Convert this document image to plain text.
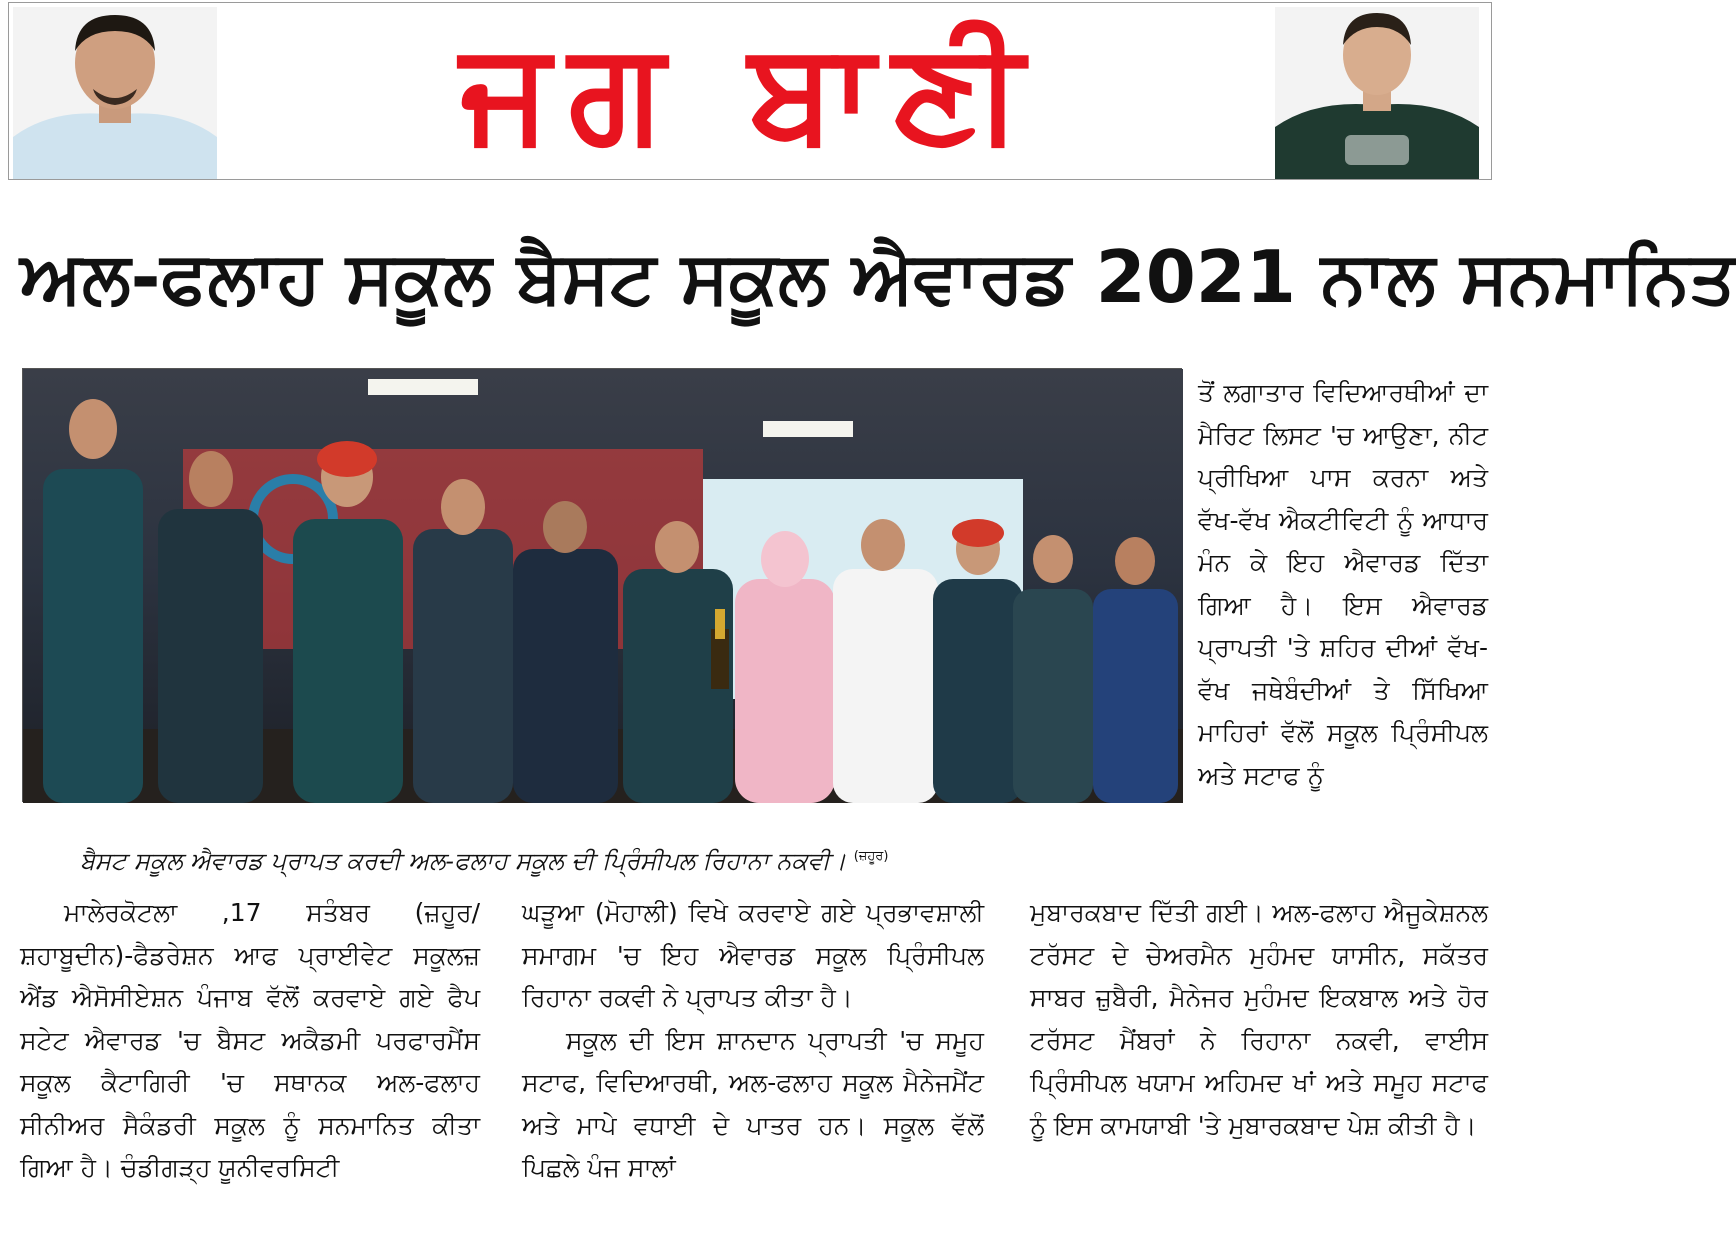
ਜਗ ਬਾਣੀ
ਅਲ-ਫਲਾਹ ਸਕੂਲ ਬੈਸਟ ਸਕੂਲ ਐਵਾਰਡ 2021 ਨਾਲ ਸਨਮਾਨਿਤ
ਬੈਸਟ ਸਕੂਲ ਐਵਾਰਡ ਪ੍ਰਾਪਤ ਕਰਦੀ ਅਲ-ਫਲਾਹ ਸਕੂਲ ਦੀ ਪ੍ਰਿੰਸੀਪਲ ਰਿਹਾਨਾ ਨਕਵੀ। $^{(ਜ਼ਹੂਰ)}$

ਤੋਂ ਲਗਾਤਾਰ ਵਿਦਿਆਰਥੀਆਂ ਦਾ ਮੈਰਿਟ ਲਿਸਟ 'ਚ ਆਉਣਾ, ਨੀਟ ਪ੍ਰੀਖਿਆ ਪਾਸ ਕਰਨਾ ਅਤੇ ਵੱਖ-ਵੱਖ ਐਕਟੀਵਿਟੀ ਨੂੰ ਆਧਾਰ ਮੰਨ ਕੇ ਇਹ ਐਵਾਰਡ ਦਿੱਤਾ ਗਿਆ ਹੈ। ਇਸ ਐਵਾਰਡ ਪ੍ਰਾਪਤੀ 'ਤੇ ਸ਼ਹਿਰ ਦੀਆਂ ਵੱਖ-ਵੱਖ ਜਥੇਬੰਦੀਆਂ ਤੇ ਸਿੱਖਿਆ ਮਾਹਿਰਾਂ ਵੱਲੋਂ ਸਕੂਲ ਪ੍ਰਿੰਸੀਪਲ ਅਤੇ ਸਟਾਫ ਨੂੰ

ਮਾਲੇਰਕੋਟਲਾ ,17 ਸਤੰਬਰ (ਜ਼ਹੂਰ/ਸ਼ਹਾਬੂਦੀਨ)-ਫੈਡਰੇਸ਼ਨ ਆਫ ਪ੍ਰਾਈਵੇਟ ਸਕੂਲਜ਼ ਐਂਡ ਐਸੋਸੀਏਸ਼ਨ ਪੰਜਾਬ ਵੱਲੋਂ ਕਰਵਾਏ ਗਏ ਫੈਪ ਸਟੇਟ ਐਵਾਰਡ 'ਚ ਬੈਸਟ ਅਕੈਡਮੀ ਪਰਫਾਰਮੈਂਸ ਸਕੂਲ ਕੈਟਾਗਿਰੀ 'ਚ ਸਥਾਨਕ ਅਲ-ਫਲਾਹ ਸੀਨੀਅਰ ਸੈਕੰਡਰੀ ਸਕੂਲ ਨੂੰ ਸਨਮਾਨਿਤ ਕੀਤਾ ਗਿਆ ਹੈ। ਚੰਡੀਗੜ੍ਹ ਯੂਨੀਵਰਸਿਟੀ

ਘੜੂਆ (ਮੋਹਾਲੀ) ਵਿਖੇ ਕਰਵਾਏ ਗਏ ਪ੍ਰਭਾਵਸ਼ਾਲੀ ਸਮਾਗਮ 'ਚ ਇਹ ਐਵਾਰਡ ਸਕੂਲ ਪ੍ਰਿੰਸੀਪਲ ਰਿਹਾਨਾ ਰਕਵੀ ਨੇ ਪ੍ਰਾਪਤ ਕੀਤਾ ਹੈ।

ਸਕੂਲ ਦੀ ਇਸ ਸ਼ਾਨਦਾਨ ਪ੍ਰਾਪਤੀ 'ਚ ਸਮੂਹ ਸਟਾਫ, ਵਿਦਿਆਰਥੀ, ਅਲ-ਫਲਾਹ ਸਕੂਲ ਮੈਨੇਜਮੈਂਟ ਅਤੇ ਮਾਪੇ ਵਧਾਈ ਦੇ ਪਾਤਰ ਹਨ। ਸਕੂਲ ਵੱਲੋਂ ਪਿਛਲੇ ਪੰਜ ਸਾਲਾਂ

ਮੁਬਾਰਕਬਾਦ ਦਿੱਤੀ ਗਈ। ਅਲ-ਫਲਾਹ ਐਜੂਕੇਸ਼ਨਲ ਟਰੱਸਟ ਦੇ ਚੇਅਰਮੈਨ ਮੁਹੰਮਦ ਯਾਸੀਨ, ਸਕੱਤਰ ਸਾਬਰ ਜ਼ੁਬੈਰੀ, ਮੈਨੇਜਰ ਮੁਹੰਮਦ ਇਕਬਾਲ ਅਤੇ ਹੋਰ ਟਰੱਸਟ ਮੈਂਬਰਾਂ ਨੇ ਰਿਹਾਨਾ ਨਕਵੀ, ਵਾਈਸ ਪ੍ਰਿੰਸੀਪਲ ਖਯਾਮ ਅਹਿਮਦ ਖਾਂ ਅਤੇ ਸਮੂਹ ਸਟਾਫ ਨੂੰ ਇਸ ਕਾਮਯਾਬੀ 'ਤੇ ਮੁਬਾਰਕਬਾਦ ਪੇਸ਼ ਕੀਤੀ ਹੈ।
